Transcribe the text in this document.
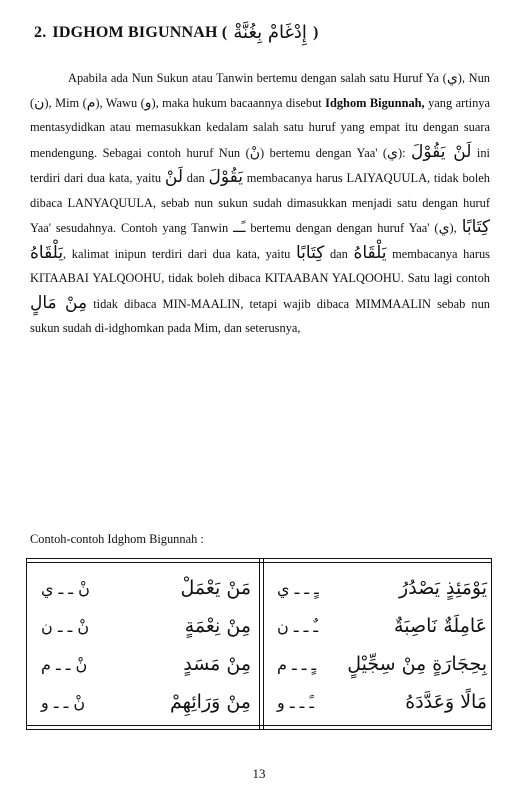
2. IDGHOM BIGUNNAH ( إِدْغَامْ بِغُنَّةْ )

Apabila ada Nun Sukun atau Tanwin bertemu dengan salah satu Huruf Ya (ي), Nun (ن), Mim (م), Wawu (و), maka hukum bacaannya disebut Idghom Bigunnah, yang artinya mentasydidkan atau memasukkan kedalam salah satu huruf yang empat itu dengan suara mendengung. Sebagai contoh huruf Nun (نْ) bertemu dengan Yaa' (ي): لَنْ يَقُوْلَ ini terdiri dari dua kata, yaitu لَنْ dan يَقُوْلَ membacanya harus LAIYAQUULA, tidak boleh dibaca LANYAQUULA, sebab nun sukun sudah dimasukkan menjadi satu dengan huruf Yaa' sesudahnya. Contoh yang Tanwin ـًــ bertemu dengan dengan huruf Yaa' (ي), كِتَابًا يَلْقَاهُ, kalimat inipun terdiri dari dua kata, yaitu كِتَابًا dan يَلْقَاهُ membacanya harus KITAABAI YALQOOHU, tidak boleh dibaca KITAABAN YALQOOHU. Satu lagi contoh مِنْ مَالٍ tidak dibaca MIN-MAALIN, tetapi wajib dibaca MIMMAALIN sebab nun sukun sudah di-idghomkan pada Mim, dan seterusnya,

Contoh-contoh Idghom Bigunnah :
مَنْ يَعْمَلْ
نْ ـ ـ ي
مِنْ نِعْمَةٍ
نْ ـ ـ ن
مِنْ مَسَدٍ
نْ ـ ـ م
مِنْ وَرَائِهِمْ
نْ ـ ـ و
يَوْمَئِذٍ يَصْدُرُ
ـٍ ـ ـ ي
عَامِلَةٌ نَاصِبَةٌ
ـٌ ـ ـ ن
بِحِجَارَةٍ مِنْ سِجِّيْلٍ
ـٍ ـ ـ م
مَالًا وَعَدَّدَهُ
ـً ـ ـ و
13
